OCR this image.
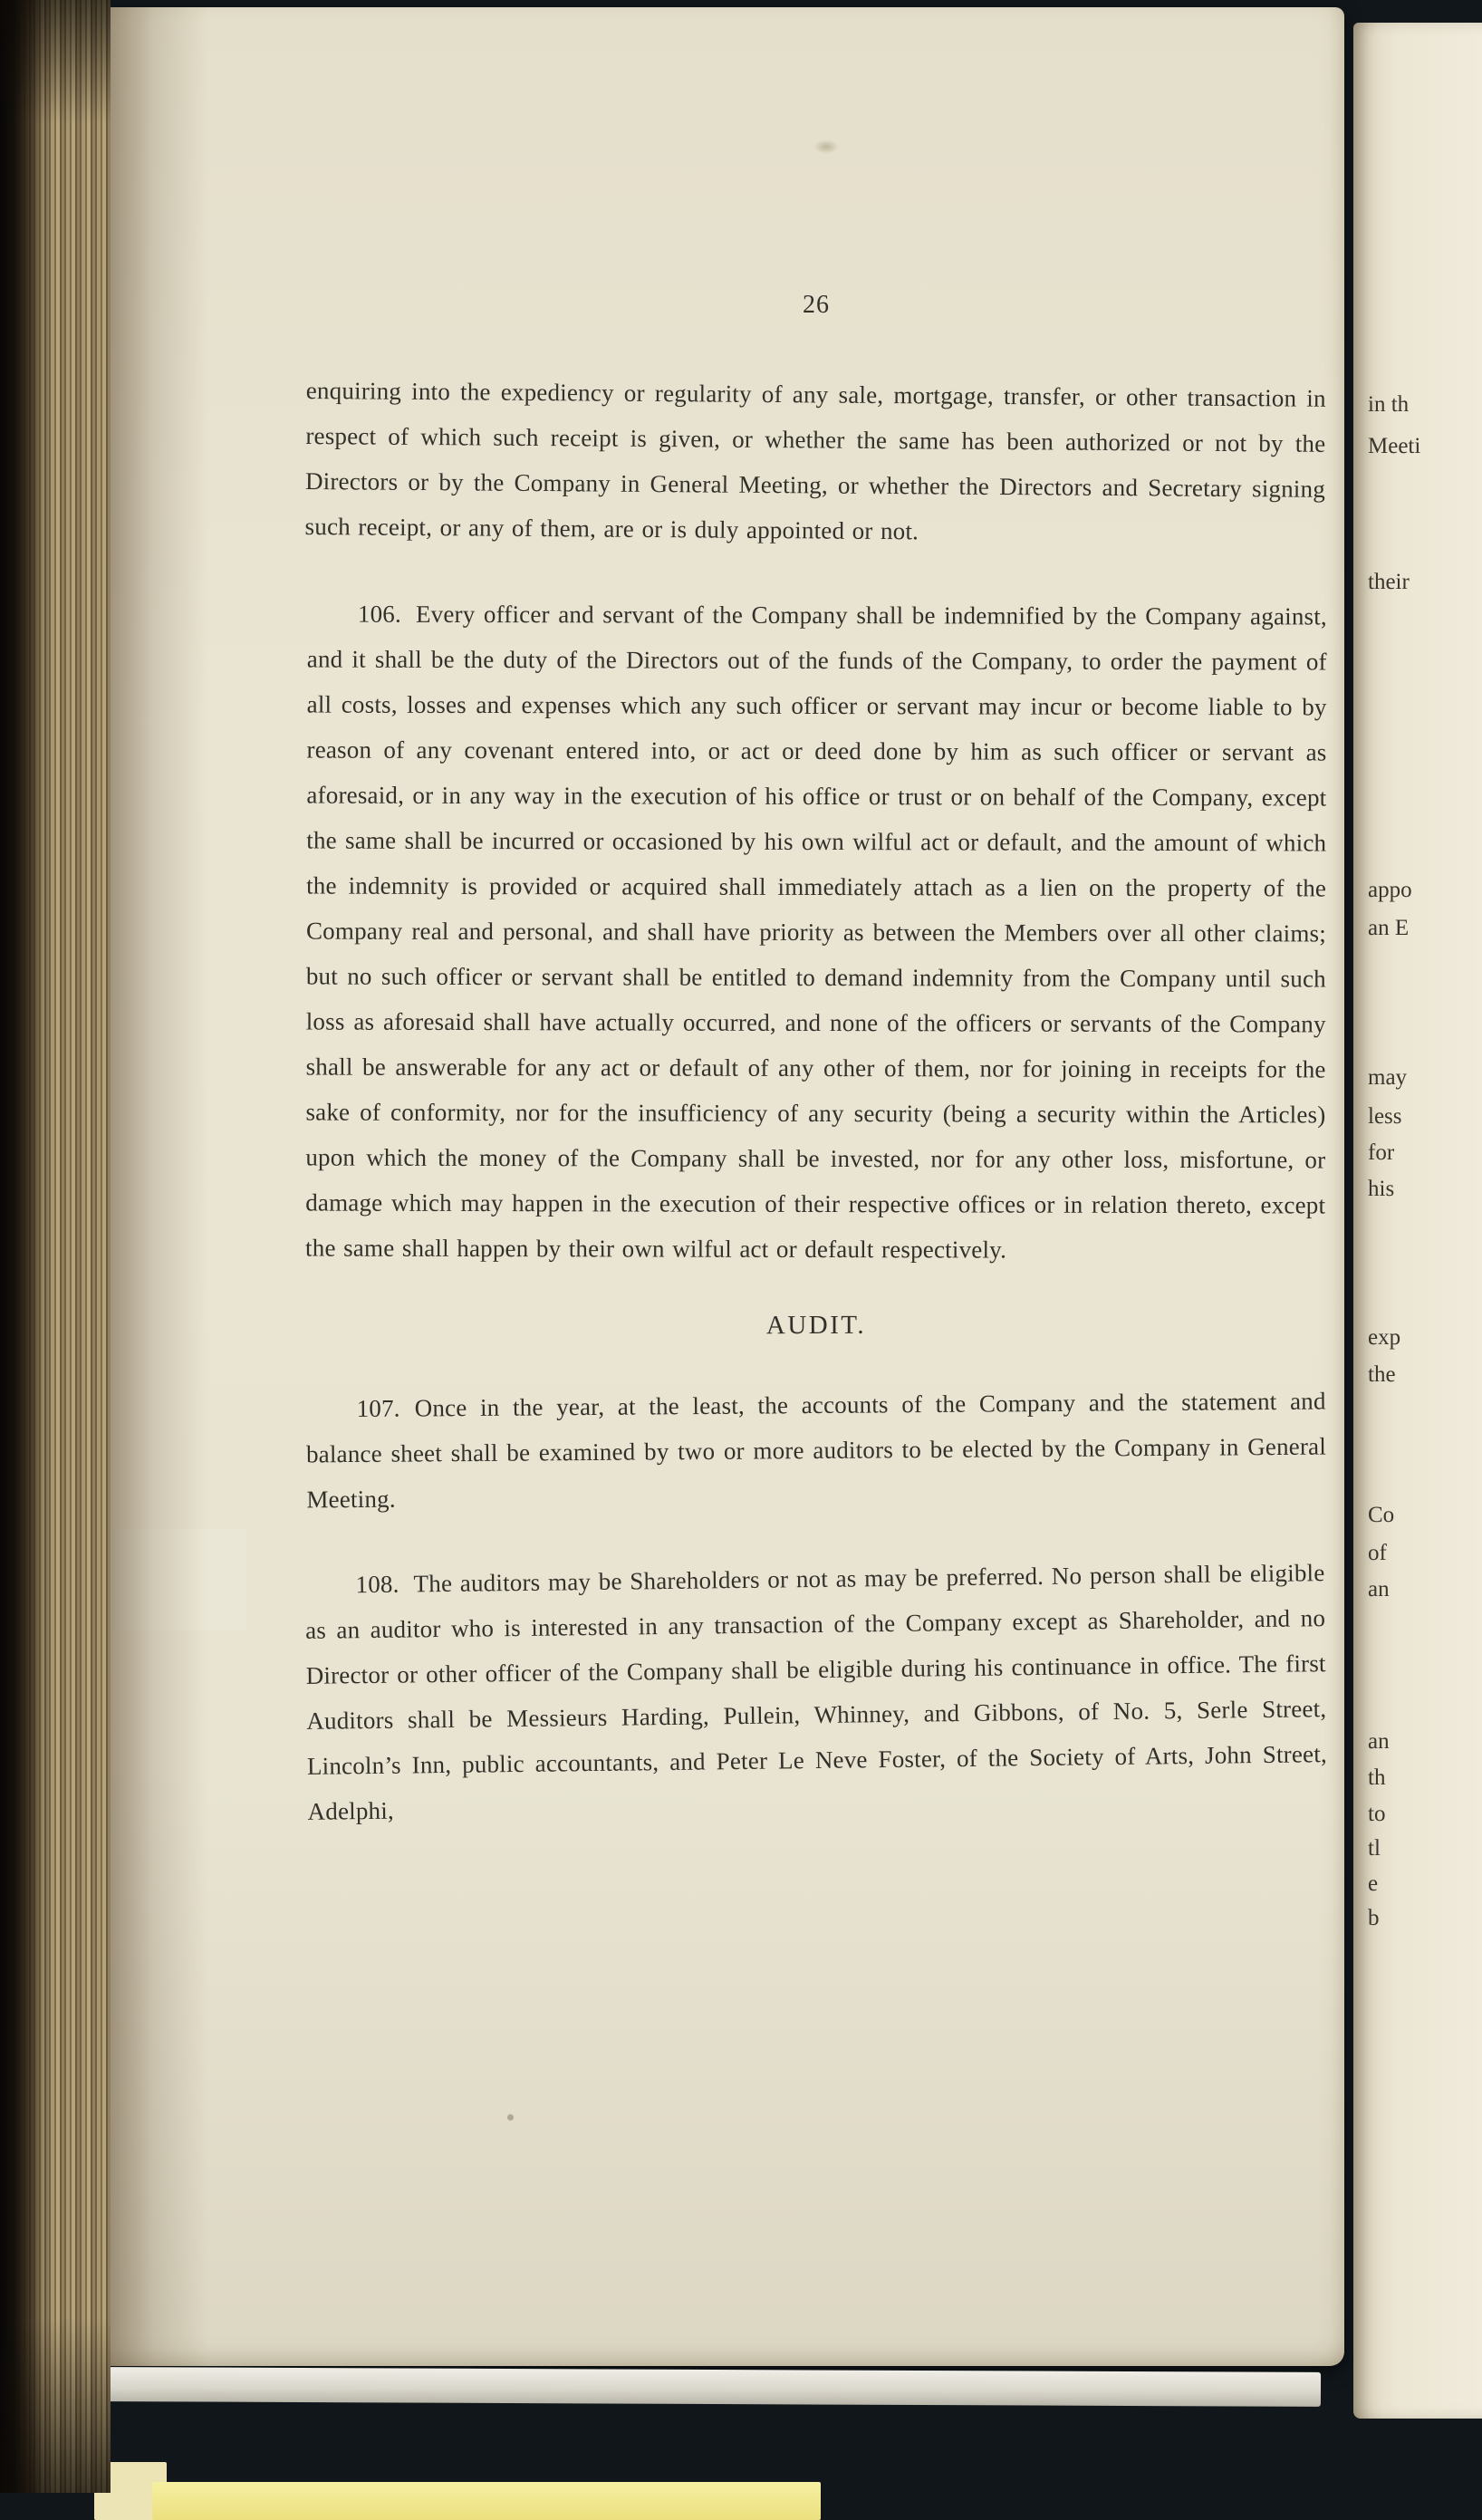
26

enquiring into the expediency or regularity of any sale, mortgage, transfer, or other transaction in respect of which such receipt is given, or whether the same has been authorized or not by the Directors or by the Company in General Meeting, or whether the Directors and Secretary signing such receipt, or any of them, are or is duly appointed or not.

106. Every officer and servant of the Company shall be indemnified by the Company against, and it shall be the duty of the Directors out of the funds of the Company, to order the payment of all costs, losses and expenses which any such officer or servant may incur or become liable to by reason of any covenant entered into, or act or deed done by him as such officer or servant as aforesaid, or in any way in the execution of his office or trust or on behalf of the Company, except the same shall be incurred or occasioned by his own wilful act or default, and the amount of which the indemnity is provided or acquired shall immediately attach as a lien on the property of the Company real and personal, and shall have priority as between the Members over all other claims; but no such officer or servant shall be entitled to demand indemnity from the Company until such loss as aforesaid shall have actually occurred, and none of the officers or servants of the Company shall be answerable for any act or default of any other of them, nor for joining in receipts for the sake of conformity, nor for the insufficiency of any security (being a security within the Articles) upon which the money of the Company shall be invested, nor for any other loss, misfortune, or damage which may happen in the execution of their respective offices or in relation thereto, except the same shall happen by their own wilful act or default respectively.

AUDIT.

107. Once in the year, at the least, the accounts of the Company and the statement and balance sheet shall be examined by two or more auditors to be elected by the Company in General Meeting.

108. The auditors may be Shareholders or not as may be preferred. No person shall be eligible as an auditor who is interested in any transaction of the Company except as Shareholder, and no Director or other officer of the Company shall be eligible during his continuance in office. The first Auditors shall be Messieurs Harding, Pullein, Whinney, and Gibbons, of No. 5, Serle Street, Lincoln’s Inn, public accountants, and Peter Le Neve Foster, of the Society of Arts, John Street, Adelphi,

in th
Meeti
their
appo
an E
may
less
for
his
exp
the
Co
of
an
an
th
to
tl
e
b
